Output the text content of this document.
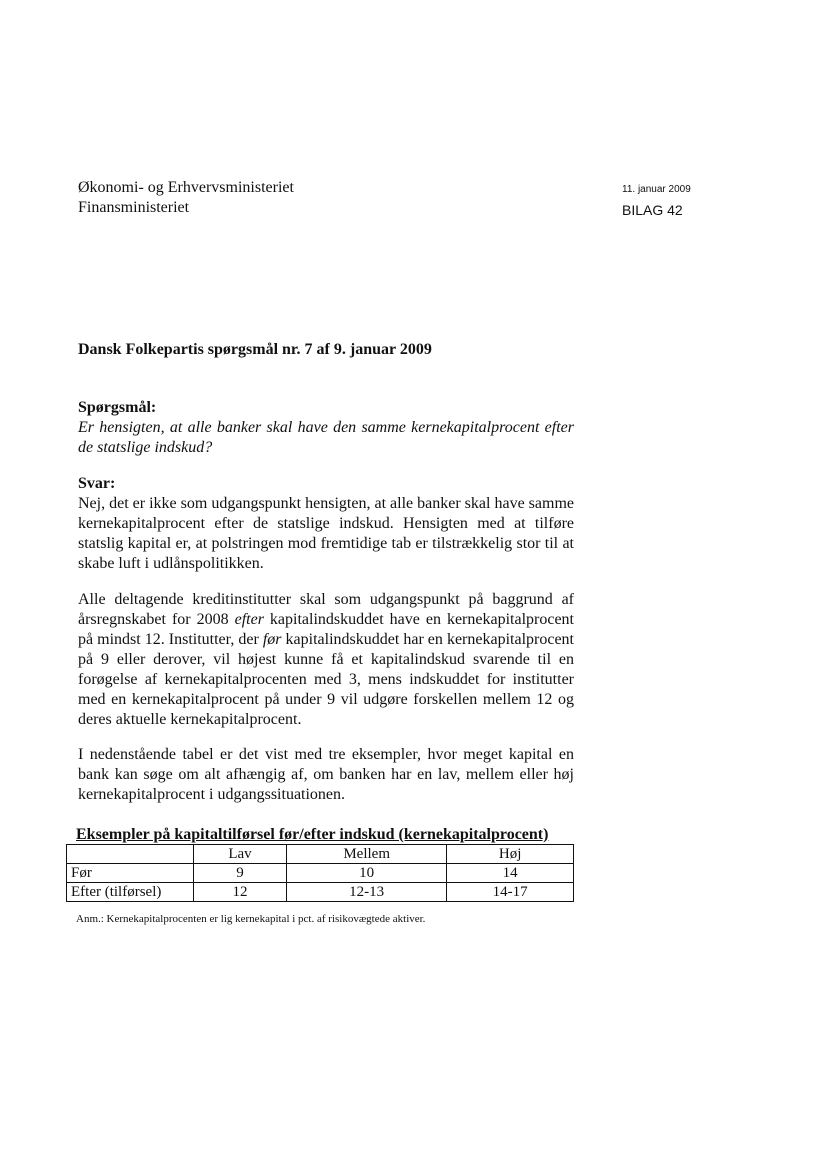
Økonomi- og Erhvervsministeriet
Finansministeriet
11. januar 2009
BILAG 42
Dansk Folkepartis spørgsmål nr. 7 af 9. januar 2009
Spørgsmål:
Er hensigten, at alle banker skal have den samme kernekapitalprocent efter de statslige indskud?
Svar:
Nej, det er ikke som udgangspunkt hensigten, at alle banker skal have samme kernekapitalprocent efter de statslige indskud. Hensigten med at tilføre statslig kapital er, at polstringen mod fremtidige tab er tilstrækkelig stor til at skabe luft i udlånspolitikken.
Alle deltagende kreditinstitutter skal som udgangspunkt på baggrund af årsregnskabet for 2008 efter kapitalindskuddet have en kernekapitalprocent på mindst 12. Institutter, der før kapitalindskuddet har en kernekapitalprocent på 9 eller derover, vil højest kunne få et kapitalindskud svarende til en forøgelse af kernekapitalprocenten med 3, mens indskuddet for institutter med en kernekapitalprocent på under 9 vil udgøre forskellen mellem 12 og deres aktuelle kernekapitalprocent.
I nedenstående tabel er det vist med tre eksempler, hvor meget kapital en bank kan søge om alt afhængig af, om banken har en lav, mellem eller høj kernekapitalprocent i udgangssituationen.
Eksempler på kapitaltilførsel før/efter indskud (kernekapitalprocent)
	Lav	Mellem	Høj
Før	9	10	14
Efter (tilførsel)	12	12-13	14-17
Anm.: Kernekapitalprocenten er lig kernekapital i pct. af risikovægtede aktiver.
